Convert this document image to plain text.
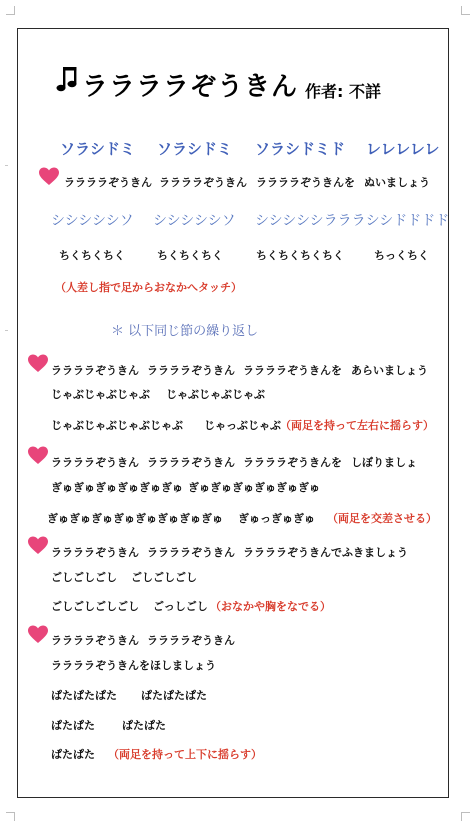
ララララぞうきん 作者: 不詳
ソラシドミ ソラシドミ ソラシドミド レレレレレ
ララララぞうきん ララララぞうきん ララララぞうきんを ぬいましょう
シシシシシソ シシシシシソ シシシシシラララシシドドドド
ちくちくちく	ちくちくちく	ちくちくちくちく	ちっくちく
（人差し指で足からおなかへタッチ）
＊ 以下同じ節の繰り返し
ララララぞうきん ララララぞうきん ララララぞうきんを あらいましょう
じゃぶじゃぶじゃぶ じゃぶじゃぶじゃぶ
じゃぶじゃぶじゃぶじゃぶ じゃっぶじゃぶ （両足を持って左右に揺らす）
ララララぞうきん ララララぞうきん ララララぞうきんを しぼりましょ
ぎゅぎゅぎゅぎゅぎゅぎゅ ぎゅぎゅぎゅぎゅぎゅぎゅ
ぎゅぎゅぎゅぎゅぎゅぎゅぎゅぎゅ ぎゅっぎゅぎゅ （両足を交差させる）
ララララぞうきん ララララぞうきん ララララぞうきんでふきましょう
ごしごしごし ごしごしごし
ごしごしごしごし ごっしごし （おなかや胸をなでる）
ララララぞうきん ララララぞうきん
ララララぞうきんをほしましょう
ぱたぱたぱた ぱたぱたぱた
ぱたぱた ぱたぱた
ぱたぱた （両足を持って上下に揺らす）
